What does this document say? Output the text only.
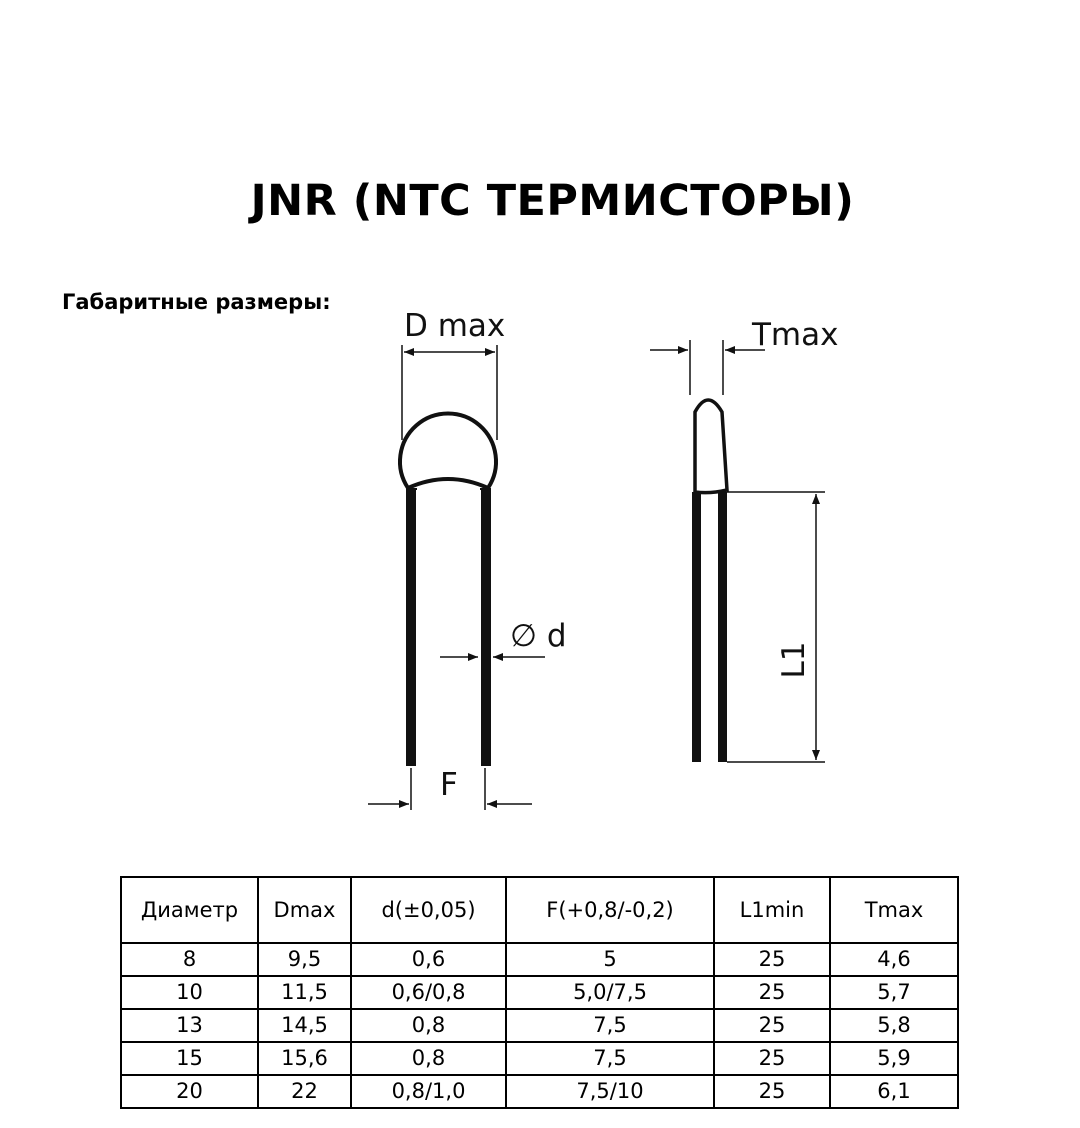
JNR (NTC ТЕРМИСТОРЫ)
Габаритные размеры:
D max	Tmax
∅ d
F
L1
Диаметр	Dmax	d(±0,05)	F(+0,8/-0,2)	L1min	Tmax
8	9,5	0,6	5	25	4,6
10	11,5	0,6/0,8	5,0/7,5	25	5,7
13	14,5	0,8	7,5	25	5,8
15	15,6	0,8	7,5	25	5,9
20	22	0,8/1,0	7,5/10	25	6,1
